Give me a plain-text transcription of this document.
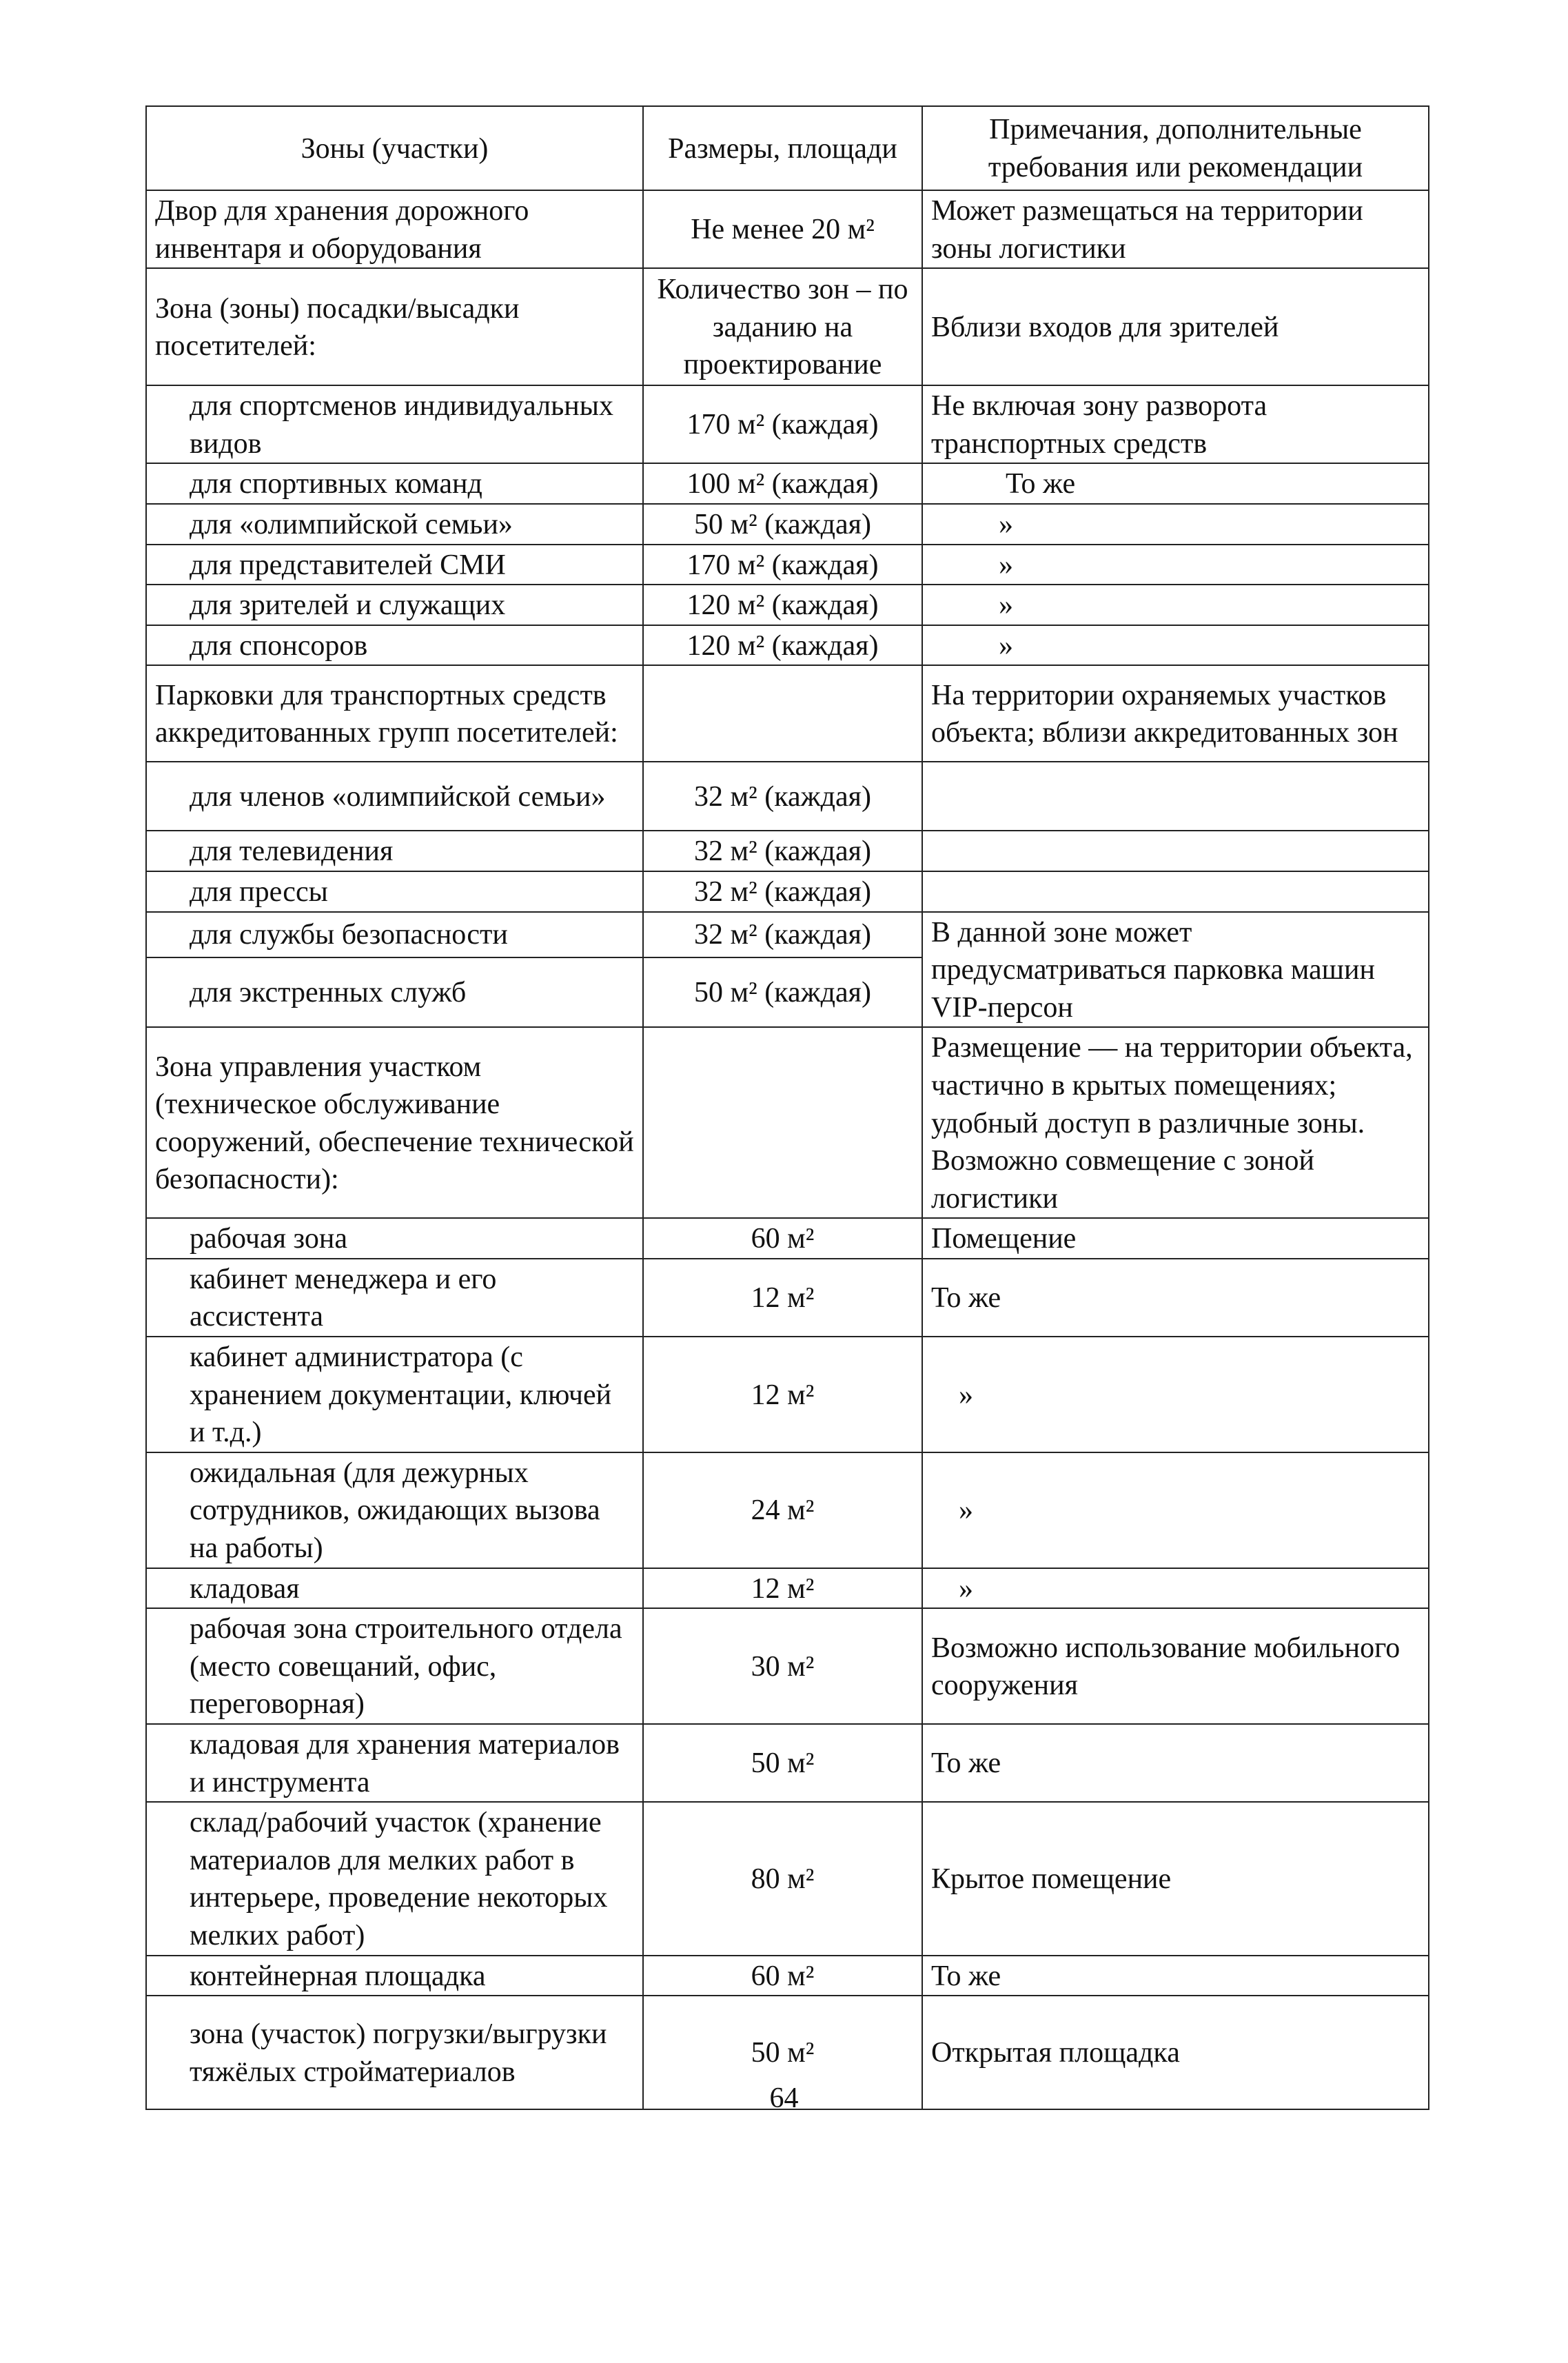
Зоны (участки)	Размеры, площади	Примечания, дополнительные требования или рекомендации
Двор для хранения дорожного инвентаря и оборудования	Не менее 20 м²	Может размещаться на территории зоны логистики
Зона (зоны) посадки/высадки посетителей:	Количество зон – по заданию на проектирование	Вблизи входов для зрителей
для спортсменов индивидуальных видов	170 м² (каждая)	Не включая зону разворота транспортных средств
для спортивных команд	100 м² (каждая)	То же
для «олимпийской семьи»	50 м² (каждая)	»
для представителей СМИ	170 м² (каждая)	»
для зрителей и служащих	120 м² (каждая)	»
для спонсоров	120 м² (каждая)	»
Парковки для транспортных средств аккредитованных групп посетителей:		На территории охраняемых участков объекта; вблизи аккредитованных зон
для членов «олимпийской семьи»	32 м² (каждая)	
для телевидения	32 м² (каждая)	
для прессы	32 м² (каждая)	
для службы безопасности	32 м² (каждая)	В данной зоне может предусматриваться парковка машин VIP-персон
для экстренных служб	50 м² (каждая)	
Зона управления участком (техническое обслуживание сооружений, обеспечение технической безопасности):		Размещение — на территории объекта, частично в крытых помещениях; удобный доступ в различные зоны. Возможно совмещение с зоной логистики
рабочая зона	60 м²	Помещение
кабинет менеджера и его ассистента	12 м²	То же
кабинет администратора (с хранением документации, ключей и т.д.)	12 м²	»
ожидальная (для дежурных сотрудников, ожидающих вызова на работы)	24 м²	»
кладовая	12 м²	»
рабочая зона строительного отдела (место совещаний, офис, переговорная)	30 м²	Возможно использование мобильного сооружения
кладовая для хранения материалов и инструмента	50 м²	То же
склад/рабочий участок (хранение материалов для мелких работ в интерьере, проведение некоторых мелких работ)	80 м²	Крытое помещение
контейнерная площадка	60 м²	То же
зона (участок) погрузки/выгрузки тяжёлых стройматериалов	50 м²	Открытая площадка
64
